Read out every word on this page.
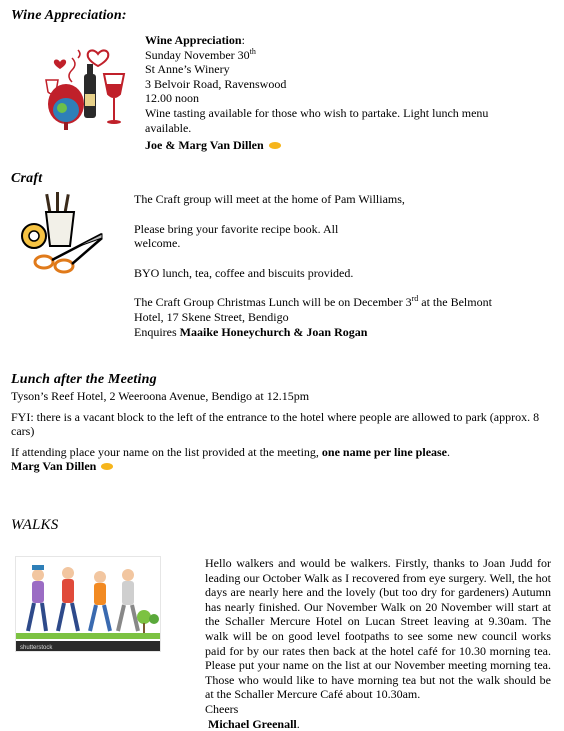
Wine Appreciation:
Wine Appreciation:
Sunday November 30th
St Anne’s Winery
3 Belvoir Road, Ravenswood
12.00 noon
Wine tasting available for those who wish to partake. Light lunch menu available.
Joe & Marg Van Dillen
Craft
The Craft group will meet at the home of Pam Williams,
Please bring your favorite recipe book. All welcome.
BYO lunch, tea, coffee and biscuits provided.
The Craft Group Christmas Lunch will be on December 3rd at the Belmont Hotel, 17 Skene Street, Bendigo
Enquires Maaike Honeychurch & Joan Rogan
Lunch after the Meeting
Tyson’s Reef Hotel, 2 Weeroona Avenue, Bendigo at 12.15pm
FYI: there is a vacant block to the left of the entrance to the hotel where people are allowed to park (approx. 8 cars)
If attending place your name on the list provided at the meeting, one name per line please.
Marg Van Dillen
WALKS
shutterstock
Hello walkers and would be walkers. Firstly, thanks to Joan Judd for leading our October Walk as I recovered from eye surgery. Well, the hot days are nearly here and the lovely (but too dry for gardeners) Autumn has nearly finished. Our November Walk on 20 November will start at the Schaller Mercure Hotel on Lucan Street leaving at 9.30am. The walk will be on good level footpaths to see some new council works paid for by our rates then back at the hotel café for 10.30 morning tea. Please put your name on the list at our November meeting morning tea. Those who would like to have morning tea but not the walk should be at the Schaller Mercure Café about 10.30am.
Cheers
Michael Greenall.
